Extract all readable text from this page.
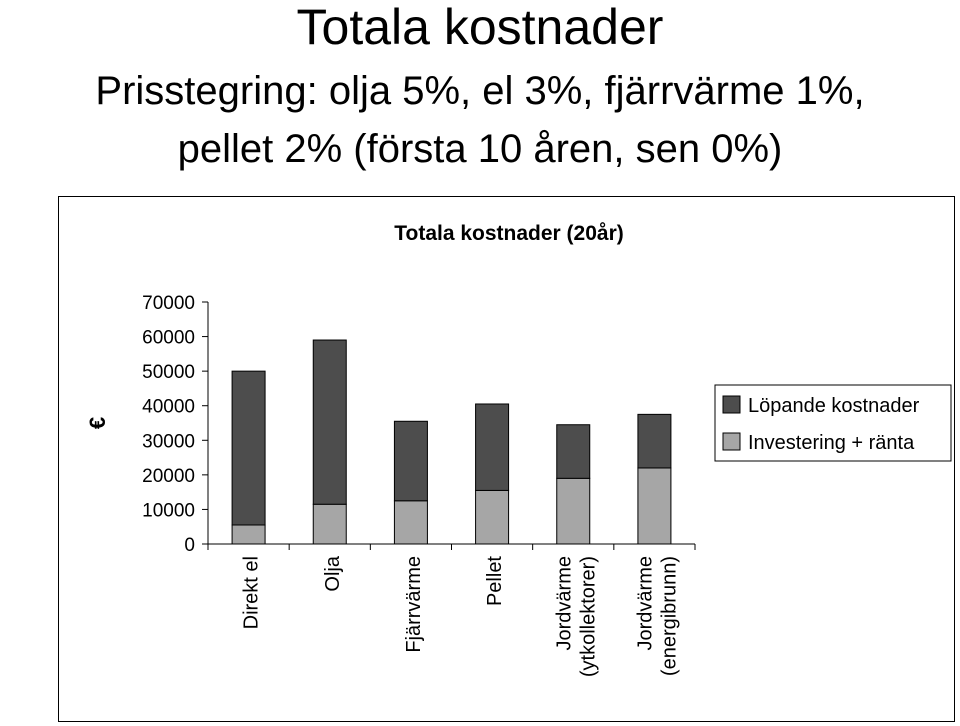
Totala kostnader
Prisstegring: olja 5%, el 3%, fjärrvärme 1%,
pellet 2% (första 10 åren, sen 0%)
Totala kostnader (20år)
€
0
10000
20000
30000
40000
50000
60000
70000
Direkt el	Olja	Fjärrvärme	Pellet Jordvärme (ytkollektorer) Jordvärme (energibrunn)
Löpande kostnader
Investering + ränta
